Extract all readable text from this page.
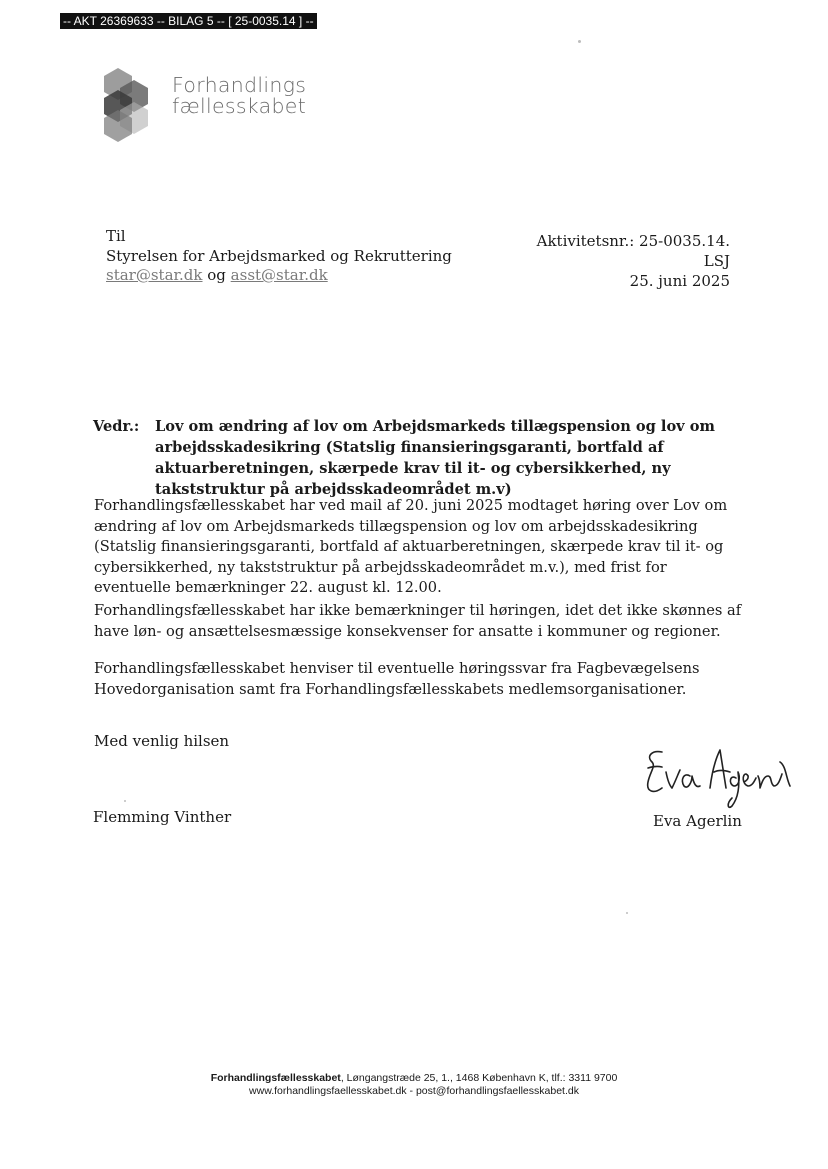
-- AKT 26369633 -- BILAG 5 -- [ 25-0035.14 ] --
Forhandlings
fællesskabet
Til
Styrelsen for Arbejdsmarked og Rekruttering
star@star.dk og asst@star.dk
Aktivitetsnr.: 25-0035.14.
LSJ
25. juni 2025
Vedr.: Lov om ændring af lov om Arbejdsmarkeds tillægspension og lov om arbejdsskadesikring (Statslig finansieringsgaranti, bortfald af aktuarberetningen, skærpede krav til it- og cybersikkerhed, ny takststruktur på arbejdsskadeområdet m.v)

Forhandlingsfællesskabet har ved mail af 20. juni 2025 modtaget høring over Lov om ændring af lov om Arbejdsmarkeds tillægspension og lov om arbejdsskadesikring (Statslig finansieringsgaranti, bortfald af aktuarberetningen, skærpede krav til it- og cybersikkerhed, ny takststruktur på arbejdsskadeområdet m.v.), med frist for eventuelle bemærkninger 22. august kl. 12.00.

Forhandlingsfællesskabet har ikke bemærkninger til høringen, idet det ikke skønnes af have løn- og ansættelsesmæssige konsekvenser for ansatte i kommuner og regioner.

Forhandlingsfællesskabet henviser til eventuelle høringssvar fra Fagbevægelsens Hovedorganisation samt fra Forhandlingsfællesskabets medlemsorganisationer.

Med venlig hilsen
Flemming Vinther	Eva Agerlin
Forhandlingsfællesskabet, Løngangstræde 25, 1., 1468 København K, tlf.: 3311 9700
www.forhandlingsfaellesskabet.dk - post@forhandlingsfaellesskabet.dk
